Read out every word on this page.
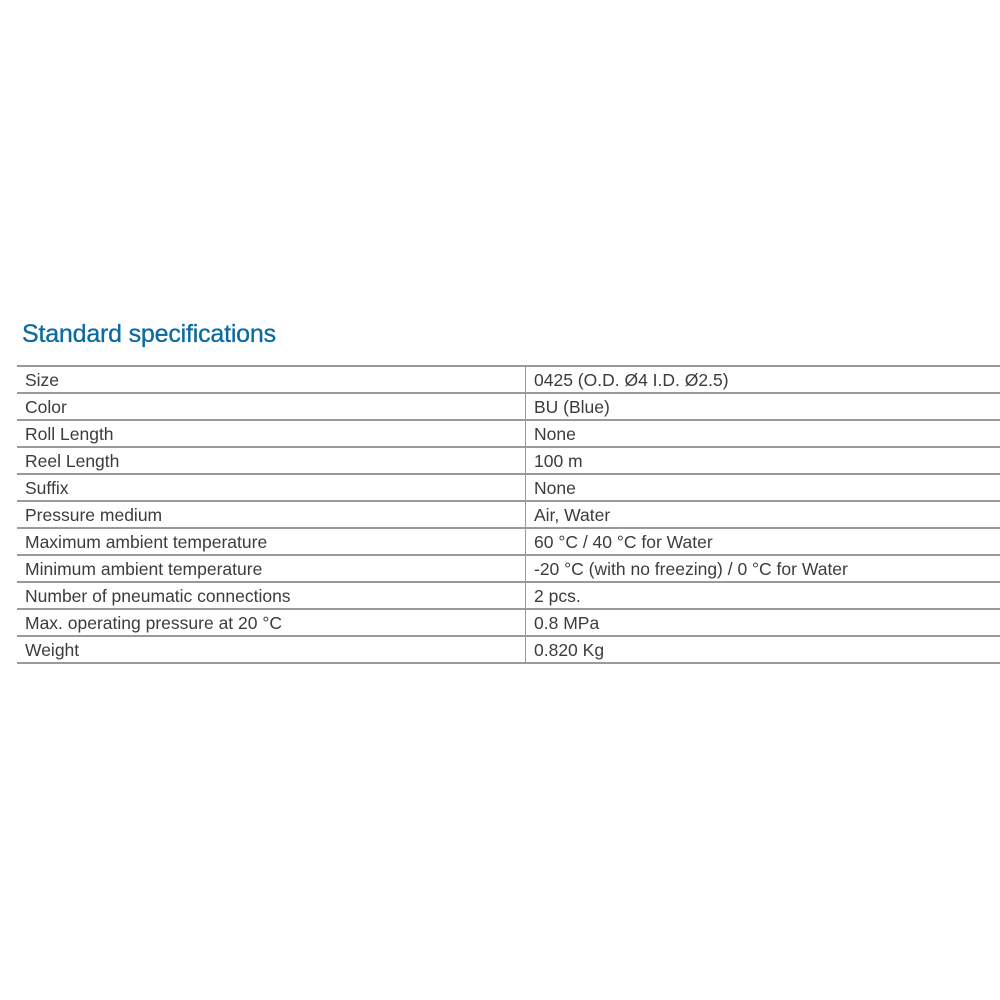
Standard specifications
Size	0425 (O.D. Ø4 I.D. Ø2.5)
Color	BU (Blue)
Roll Length	None
Reel Length	100 m
Suffix	None
Pressure medium	Air, Water
Maximum ambient temperature	60 °C / 40 °C for Water
Minimum ambient temperature	-20 °C (with no freezing) / 0 °C for Water
Number of pneumatic connections	2 pcs.
Max. operating pressure at 20 °C	0.8 MPa
Weight	0.820 Kg
